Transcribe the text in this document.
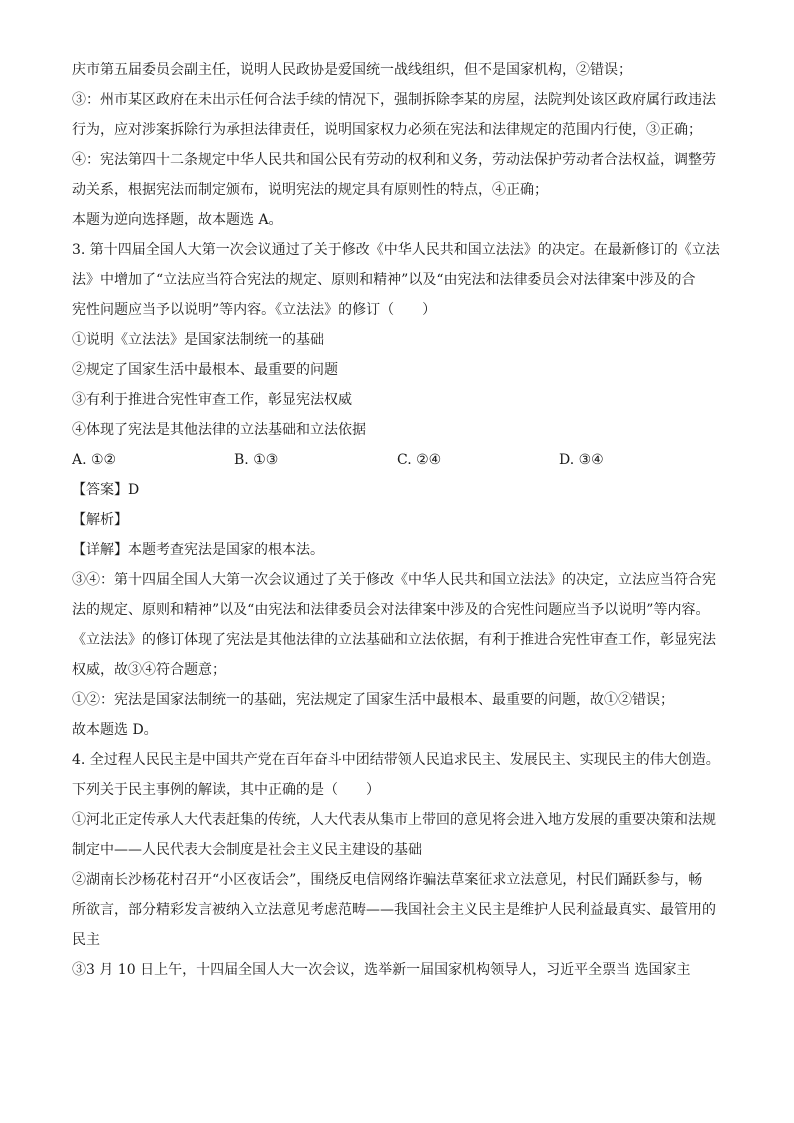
庆市第五届委员会副主任，说明人民政协是爱国统一战线组织，但不是国家机构，②错误；

③：州市某区政府在未出示任何合法手续的情况下，强制拆除李某的房屋，法院判处该区政府属行政违法

行为，应对涉案拆除行为承担法律责任，说明国家权力必须在宪法和法律规定的范围内行使，③正确；

④：宪法第四十二条规定中华人民共和国公民有劳动的权利和义务，劳动法保护劳动者合法权益，调整劳

动关系，根据宪法而制定颁布，说明宪法的规定具有原则性的特点，④正确；

本题为逆向选择题，故本题选 A。

3. 第十四届全国人大第一次会议通过了关于修改《中华人民共和国立法法》的决定。在最新修订的《立法

法》中增加了“立法应当符合宪法的规定、原则和精神”以及“由宪法和法律委员会对法律案中涉及的合

宪性问题应当予以说明”等内容。《立法法》的修订（　　）

①说明《立法法》是国家法制统一的基础

②规定了国家生活中最根本、最重要的问题

③有利于推进合宪性审查工作，彰显宪法权威

④体现了宪法是其他法律的立法基础和立法依据

A. ①②	B. ①③	C. ②④	D. ③④

【答案】D

【解析】

【详解】本题考查宪法是国家的根本法。

③④：第十四届全国人大第一次会议通过了关于修改《中华人民共和国立法法》的决定，立法应当符合宪

法的规定、原则和精神”以及“由宪法和法律委员会对法律案中涉及的合宪性问题应当予以说明”等内容。

《立法法》的修订体现了宪法是其他法律的立法基础和立法依据，有利于推进合宪性审查工作，彰显宪法

权威，故③④符合题意；

①②：宪法是国家法制统一的基础，宪法规定了国家生活中最根本、最重要的问题，故①②错误；

故本题选 D。

4. 全过程人民民主是中国共产党在百年奋斗中团结带领人民追求民主、发展民主、实现民主的伟大创造。

下列关于民主事例的解读，其中正确的是（　　）

①河北正定传承人大代表赶集的传统，人大代表从集市上带回的意见将会进入地方发展的重要决策和法规

制定中——人民代表大会制度是社会主义民主建设的基础

②湖南长沙杨花村召开“小区夜话会”，围绕反电信网络诈骗法草案征求立法意见，村民们踊跃参与，畅

所欲言，部分精彩发言被纳入立法意见考虑范畴——我国社会主义民主是维护人民利益最真实、最管用的

民主

③3 月 10 日上午，十四届全国人大一次会议，选举新一届国家机构领导人，习近平全票当 选国家主
